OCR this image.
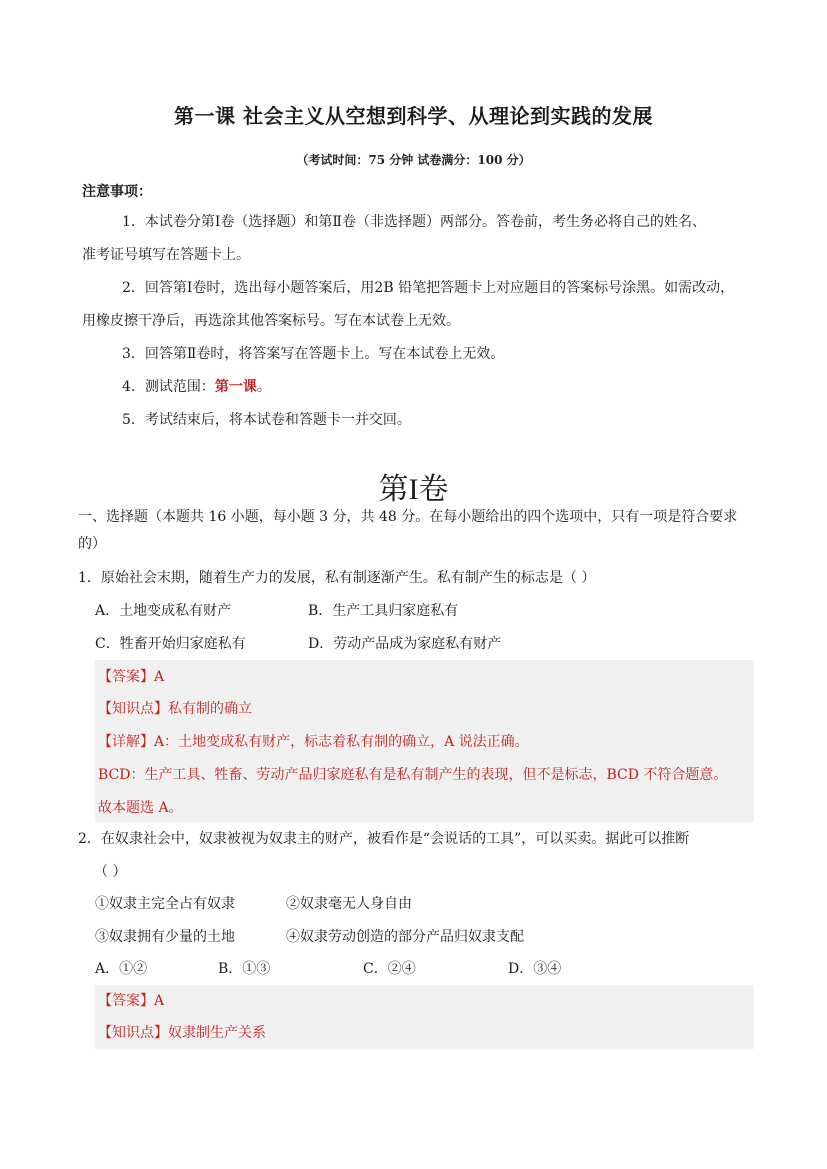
第一课 社会主义从空想到科学、从理论到实践的发展
（考试时间：75 分钟 试卷满分：100 分）
注意事项：
1．本试卷分第Ⅰ卷（选择题）和第Ⅱ卷（非选择题）两部分。答卷前，考生务必将自己的姓名、
准考证号填写在答题卡上。
2．回答第Ⅰ卷时，选出每小题答案后，用2B 铅笔把答题卡上对应题目的答案标号涂黑。如需改动，
用橡皮擦干净后，再选涂其他答案标号。写在本试卷上无效。
3．回答第Ⅱ卷时，将答案写在答题卡上。写在本试卷上无效。
4．测试范围：第一课。
5．考试结束后，将本试卷和答题卡一并交回。
第I卷
一、选择题（本题共 16 小题，每小题 3 分，共 48 分。在每小题给出的四个选项中，只有一项是符合要求
的）
1．原始社会末期，随着生产力的发展，私有制逐渐产生。私有制产生的标志是（ ）
A．土地变成私有财产	B．生产工具归家庭私有
C．牲畜开始归家庭私有	D．劳动产品成为家庭私有财产
【答案】A
【知识点】私有制的确立
【详解】A：土地变成私有财产，标志着私有制的确立，A 说法正确。
BCD：生产工具、牲畜、劳动产品归家庭私有是私有制产生的表现，但不是标志，BCD 不符合题意。
故本题选 A。
2．在奴隶社会中，奴隶被视为奴隶主的财产，被看作是“会说话的工具”，可以买卖。据此可以推断
（ ）
①奴隶主完全占有奴隶	②奴隶毫无人身自由
③奴隶拥有少量的土地	④奴隶劳动创造的部分产品归奴隶支配
A．①②	B．①③	C．②④	D．③④
【答案】A
【知识点】奴隶制生产关系
